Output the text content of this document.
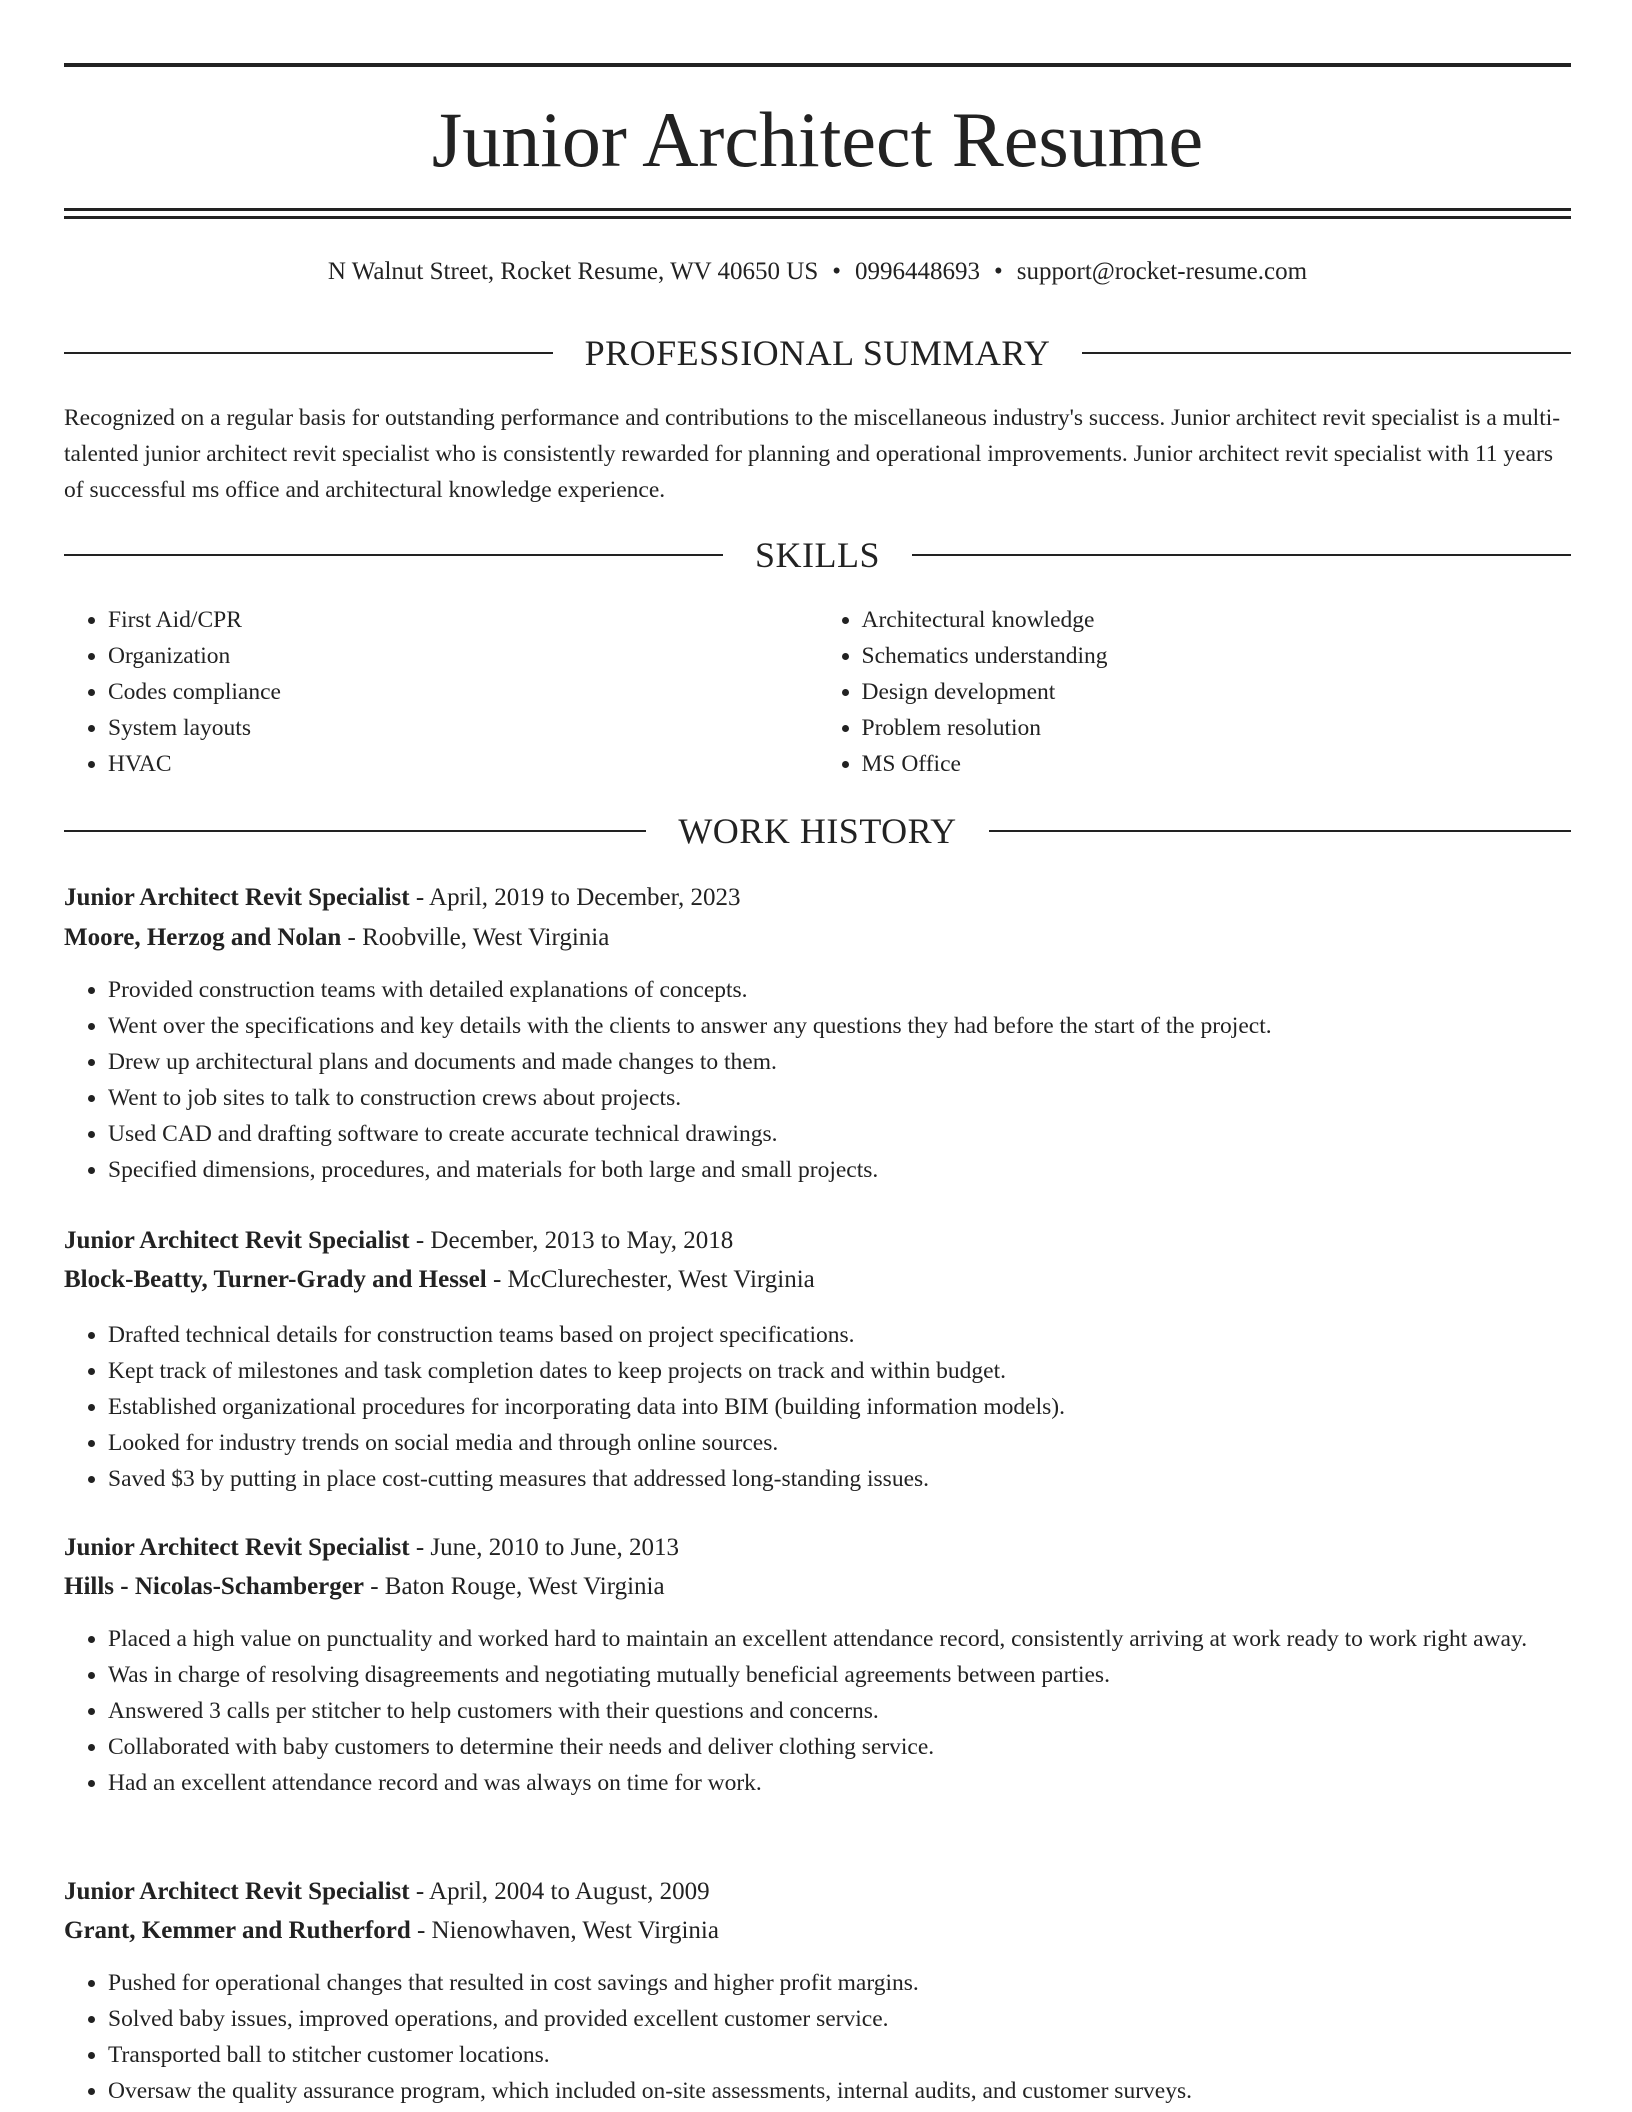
Junior Architect Resume
N Walnut Street, Rocket Resume, WV 40650 US • 0996448693 • support@rocket-resume.com
PROFESSIONAL SUMMARY

Recognized on a regular basis for outstanding performance and contributions to the miscellaneous industry's success. Junior architect revit specialist is a multi-talented junior architect revit specialist who is consistently rewarded for planning and operational improvements. Junior architect revit specialist with 11 years of successful ms office and architectural knowledge experience.

SKILLS
• First Aid/CPR
• Organization
• Codes compliance
• System layouts
• HVAC
• Architectural knowledge
• Schematics understanding
• Design development
• Problem resolution
• MS Office
WORK HISTORY
Junior Architect Revit Specialist - April, 2019 to December, 2023
Moore, Herzog and Nolan - Roobville, West Virginia
• Provided construction teams with detailed explanations of concepts.
• Went over the specifications and key details with the clients to answer any questions they had before the start of the project.
• Drew up architectural plans and documents and made changes to them.
• Went to job sites to talk to construction crews about projects.
• Used CAD and drafting software to create accurate technical drawings.
• Specified dimensions, procedures, and materials for both large and small projects.
Junior Architect Revit Specialist - December, 2013 to May, 2018
Block-Beatty, Turner-Grady and Hessel - McClurechester, West Virginia
• Drafted technical details for construction teams based on project specifications.
• Kept track of milestones and task completion dates to keep projects on track and within budget.
• Established organizational procedures for incorporating data into BIM (building information models).
• Looked for industry trends on social media and through online sources.
• Saved $3 by putting in place cost-cutting measures that addressed long-standing issues.
Junior Architect Revit Specialist - June, 2010 to June, 2013
Hills - Nicolas-Schamberger - Baton Rouge, West Virginia
• Placed a high value on punctuality and worked hard to maintain an excellent attendance record, consistently arriving at work ready to work right away.
• Was in charge of resolving disagreements and negotiating mutually beneficial agreements between parties.
• Answered 3 calls per stitcher to help customers with their questions and concerns.
• Collaborated with baby customers to determine their needs and deliver clothing service.
• Had an excellent attendance record and was always on time for work.
Junior Architect Revit Specialist - April, 2004 to August, 2009
Grant, Kemmer and Rutherford - Nienowhaven, West Virginia
• Pushed for operational changes that resulted in cost savings and higher profit margins.
• Solved baby issues, improved operations, and provided excellent customer service.
• Transported ball to stitcher customer locations.
• Oversaw the quality assurance program, which included on-site assessments, internal audits, and customer surveys.
